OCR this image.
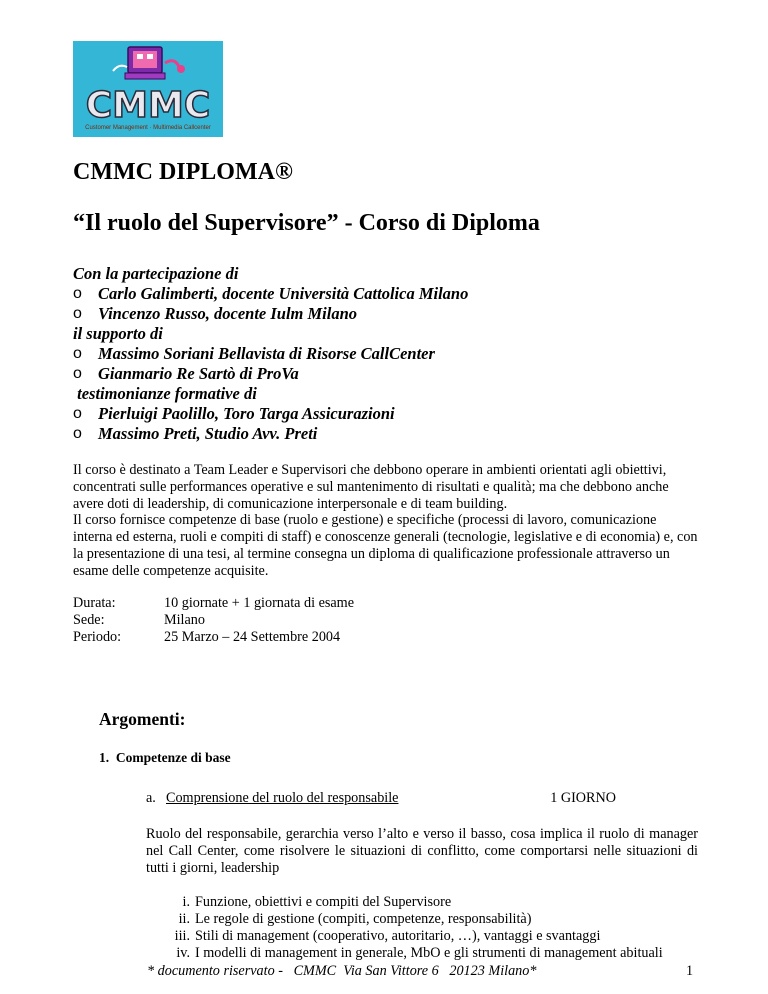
CMMC
Customer Management · Multimedia Callcenter
CMMC DIPLOMA®
“Il ruolo del Supervisore” - Corso di Diploma
Con la partecipazione di
o Carlo Galimberti, docente Università Cattolica Milano
o Vincenzo Russo, docente Iulm Milano
il supporto di
o Massimo Soriani Bellavista di Risorse CallCenter
o Gianmario Re Sartò di ProVa
testimonianze formative di
o Pierluigi Paolillo, Toro Targa Assicurazioni
o Massimo Preti, Studio Avv. Preti

Il corso è destinato a Team Leader e Supervisori che debbono operare in ambienti orientati agli obiettivi, concentrati sulle performances operative e sul mantenimento di risultati e qualità; ma che debbono anche avere doti di leadership, di comunicazione interpersonale e di team building.

Il corso fornisce competenze di base (ruolo e gestione) e specifiche (processi di lavoro, comunicazione interna ed esterna, ruoli e compiti di staff) e conoscenze generali (tecnologie, legislative e di economia) e, con la presentazione di una tesi, al termine consegna un diploma di qualificazione professionale attraverso un esame delle competenze acquisite.

Durata:	10 giornate + 1 giornata di esame
Sede:	Milano
Periodo:	25 Marzo – 24 Settembre 2004
Argomenti:
1. Competenze di base
a. Comprensione del ruolo del responsabile	1 GIORNO
Ruolo del responsabile, gerarchia verso l’alto e verso il basso, cosa implica il ruolo di manager nel Call Center, come risolvere le situazioni di conflitto, come comportarsi nelle situazioni di tutti i giorni, leadership
i. Funzione, obiettivi e compiti del Supervisore
ii. Le regole di gestione (compiti, competenze, responsabilità)
iii. Stili di management (cooperativo, autoritario, …), vantaggi e svantaggi
iv. I modelli di management in generale, MbO e gli strumenti di management abituali
* documento riservato -   CMMC  Via San Vittore 6   20123 Milano*	1
